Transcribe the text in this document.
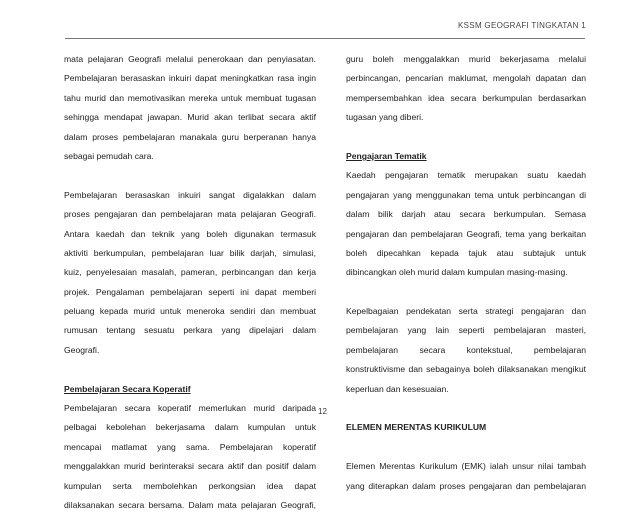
KSSM GEOGRAFI TINGKATAN 1
mata pelajaran Geografi melalui penerokaan dan penyiasatan.
Pembelajaran berasaskan inkuiri dapat meningkatkan rasa ingin
tahu murid dan memotivasikan mereka untuk membuat tugasan
sehingga mendapat jawapan. Murid akan terlibat secara aktif
dalam proses pembelajaran manakala guru berperanan hanya
sebagai pemudah cara.
Pembelajaran berasaskan inkuiri sangat digalakkan dalam
proses pengajaran dan pembelajaran mata pelajaran Geografi.
Antara kaedah dan teknik yang boleh digunakan termasuk
aktiviti berkumpulan, pembelajaran luar bilik darjah, simulasi,
kuiz, penyelesaian masalah, pameran, perbincangan dan kerja
projek. Pengalaman pembelajaran seperti ini dapat memberi
peluang kepada murid untuk meneroka sendiri dan membuat
rumusan tentang sesuatu perkara yang dipelajari dalam
Geografi.
Pembelajaran Secara Koperatif
Pembelajaran secara koperatif memerlukan murid daripada
pelbagai kebolehan bekerjasama dalam kumpulan untuk
mencapai matlamat yang sama. Pembelajaran koperatif
menggalakkan murid berinteraksi secara aktif dan positif dalam
kumpulan serta membolehkan perkongsian idea dapat
dilaksanakan secara bersama. Dalam mata pelajaran Geografi,
guru boleh menggalakkan murid bekerjasama melalui
perbincangan, pencarian maklumat, mengolah dapatan dan
mempersembahkan idea secara berkumpulan berdasarkan
tugasan yang diberi.
Pengajaran Tematik
Kaedah pengajaran tematik merupakan suatu kaedah
pengajaran yang menggunakan tema untuk perbincangan di
dalam bilik darjah atau secara berkumpulan. Semasa
pengajaran dan pembelajaran Geografi, tema yang berkaitan
boleh dipecahkan kepada tajuk atau subtajuk untuk
dibincangkan oleh murid dalam kumpulan masing-masing.
Kepelbagaian pendekatan serta strategi pengajaran dan
pembelajaran yang lain seperti pembelajaran masteri,
pembelajaran secara kontekstual, pembelajaran
konstruktivisme dan sebagainya boleh dilaksanakan mengikut
keperluan dan kesesuaian.
ELEMEN MERENTAS KURIKULUM
Elemen Merentas Kurikulum (EMK) ialah unsur nilai tambah
yang diterapkan dalam proses pengajaran dan pembelajaran
12
